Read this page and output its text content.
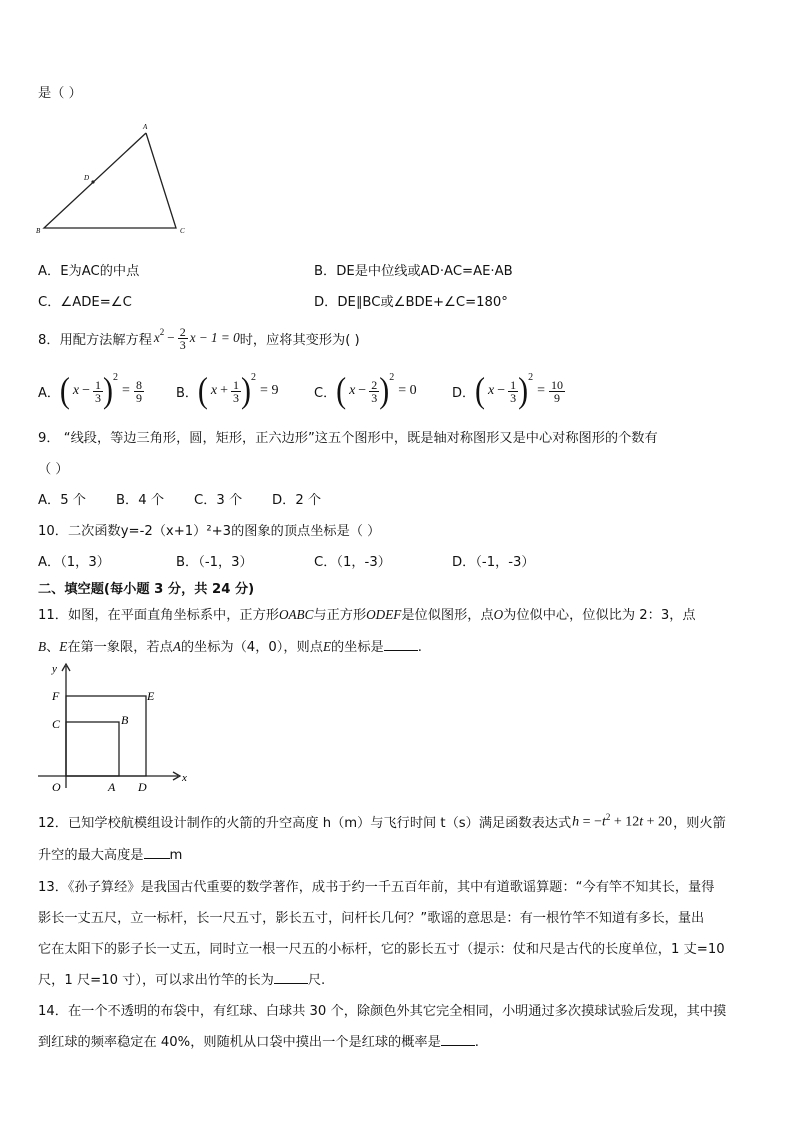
是（ ）
A
D
B	C
A．E为AC的中点	B．DE是中位线或AD·AC=AE·AB
C．∠ADE=∠C	D．DE∥BC或∠BDE+∠C=180°
8．用配方法解方程 $x^2 - \frac{2}{3}$ x − 1 = 0 时，应将其变形为( )
A． ( $x - \frac{1}{3} )^2$
= $\frac{8}{9}$ B． ( $x + \frac{1}{3} )^2$
= 9	C． ( $x - \frac{2}{3} )^2$
= 0	D． ( $x - \frac{1}{3} )^2$
= $\frac{10}{9}$
9． “线段，等边三角形，圆，矩形，正六边形”这五个图形中，既是轴对称图形又是中心对称图形的个数有
（ ）
A．5 个 B．4 个 C．3 个 D．2 个
10．二次函数y=-2（x+1）²+3的图象的顶点坐标是（ ）
A．（1，3）	B．（-1，3）	C．（1，-3）	D．（-1，-3）
二、填空题(每小题 3 分，共 24 分)
11．如图，在平面直角坐标系中，正方形OABC与正方形ODEF是位似图形，点O为位似中心，位似比为 2：3，点
B、E在第一象限，若点A的坐标为（4，0），则点E的坐标是	.
y
x
F	E
C	B
O	A D
12．已知学校航模组设计制作的火箭的升空高度 h（m）与飞行时间 t（s）满足函数表达式 $h = -t^2 + 12t + 20$ ，则火箭
升空的最大高度是 m
13．《孙子算经》是我国古代重要的数学著作，成书于约一千五百年前，其中有道歌谣算题：“今有竿不知其长，量得
影长一丈五尺，立一标杆，长一尺五寸，影长五寸，问杆长几何？”歌谣的意思是：有一根竹竿不知道有多长，量出
它在太阳下的影子长一丈五，同时立一根一尺五的小标杆，它的影长五寸（提示：仗和尺是古代的长度单位，1 丈=10
尺，1 尺=10 寸），可以求出竹竿的长为	尺.
14．在一个不透明的布袋中，有红球、白球共 30 个，除颜色外其它完全相同，小明通过多次摸球试验后发现，其中摸
到红球的频率稳定在 40%，则随机从口袋中摸出一个是红球的概率是	.
